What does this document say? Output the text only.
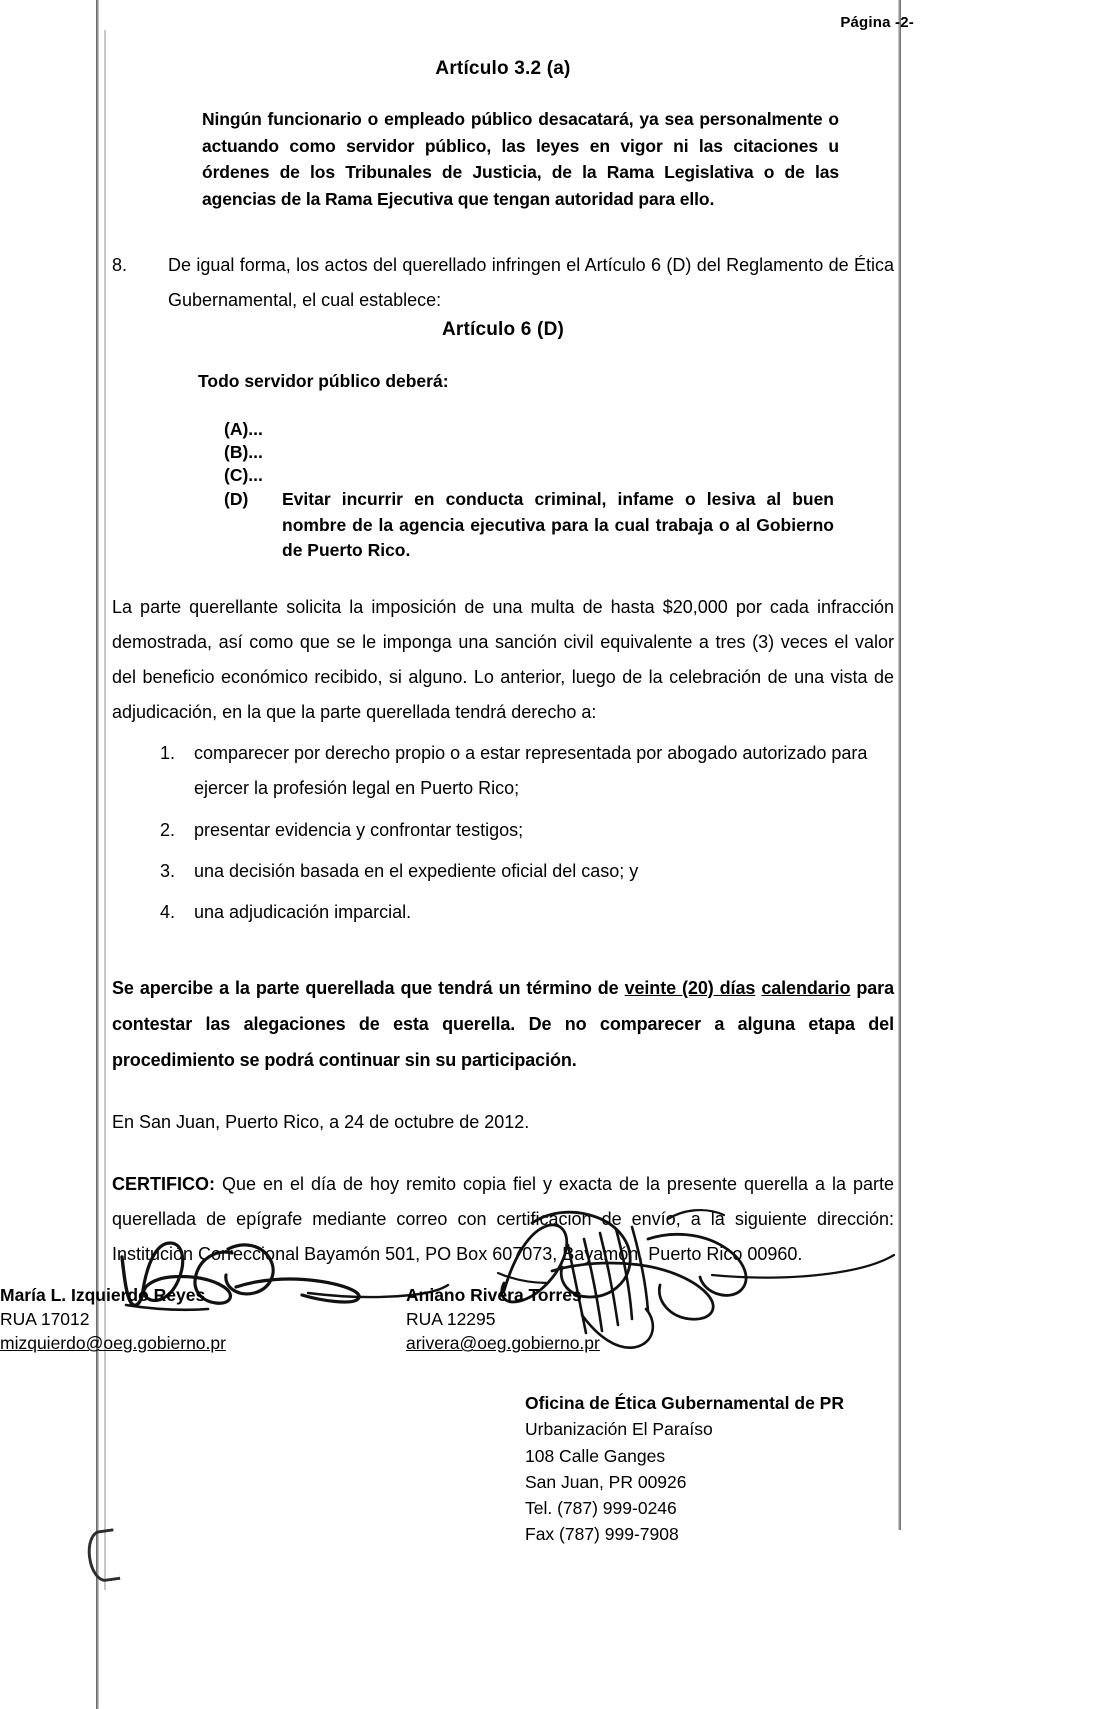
Página -2-
Artículo 3.2 (a)
Ningún funcionario o empleado público desacatará, ya sea personalmente o actuando como servidor público, las leyes en vigor ni las citaciones u órdenes de los Tribunales de Justicia, de la Rama Legislativa o de las agencias de la Rama Ejecutiva que tengan autoridad para ello.
8. De igual forma, los actos del querellado infringen el Artículo 6 (D) del Reglamento de Ética Gubernamental, el cual establece:
Artículo 6 (D)
Todo servidor público deberá:
(A)...
(B)...
(C)...
(D) Evitar incurrir en conducta criminal, infame o lesiva al buen nombre de la agencia ejecutiva para la cual trabaja o al Gobierno de Puerto Rico.
La parte querellante solicita la imposición de una multa de hasta $20,000 por cada infracción demostrada, así como que se le imponga una sanción civil equivalente a tres (3) veces el valor del beneficio económico recibido, si alguno. Lo anterior, luego de la celebración de una vista de adjudicación, en la que la parte querellada tendrá derecho a:
1. comparecer por derecho propio o a estar representada por abogado autorizado para ejercer la profesión legal en Puerto Rico;
2. presentar evidencia y confrontar testigos;
3. una decisión basada en el expediente oficial del caso; y
4. una adjudicación imparcial.
Se apercibe a la parte querellada que tendrá un término de veinte (20) días calendario para contestar las alegaciones de esta querella. De no comparecer a alguna etapa del procedimiento se podrá continuar sin su participación.
En San Juan, Puerto Rico, a 24 de octubre de 2012.
CERTIFICO: Que en el día de hoy remito copia fiel y exacta de la presente querella a la parte querellada de epígrafe mediante correo con certificación de envío, a la siguiente dirección: Institución Correccional Bayamón 501, PO Box 607073, Bayamón, Puerto Rico 00960.
María L. Izquierdo Reyes
RUA 17012
mizquierdo@oeg.gobierno.pr
Aniano Rivera Torres
RUA 12295
arivera@oeg.gobierno.pr
Oficina de Ética Gubernamental de PR
Urbanización El Paraíso
108 Calle Ganges
San Juan, PR 00926
Tel. (787) 999-0246
Fax (787) 999-7908
